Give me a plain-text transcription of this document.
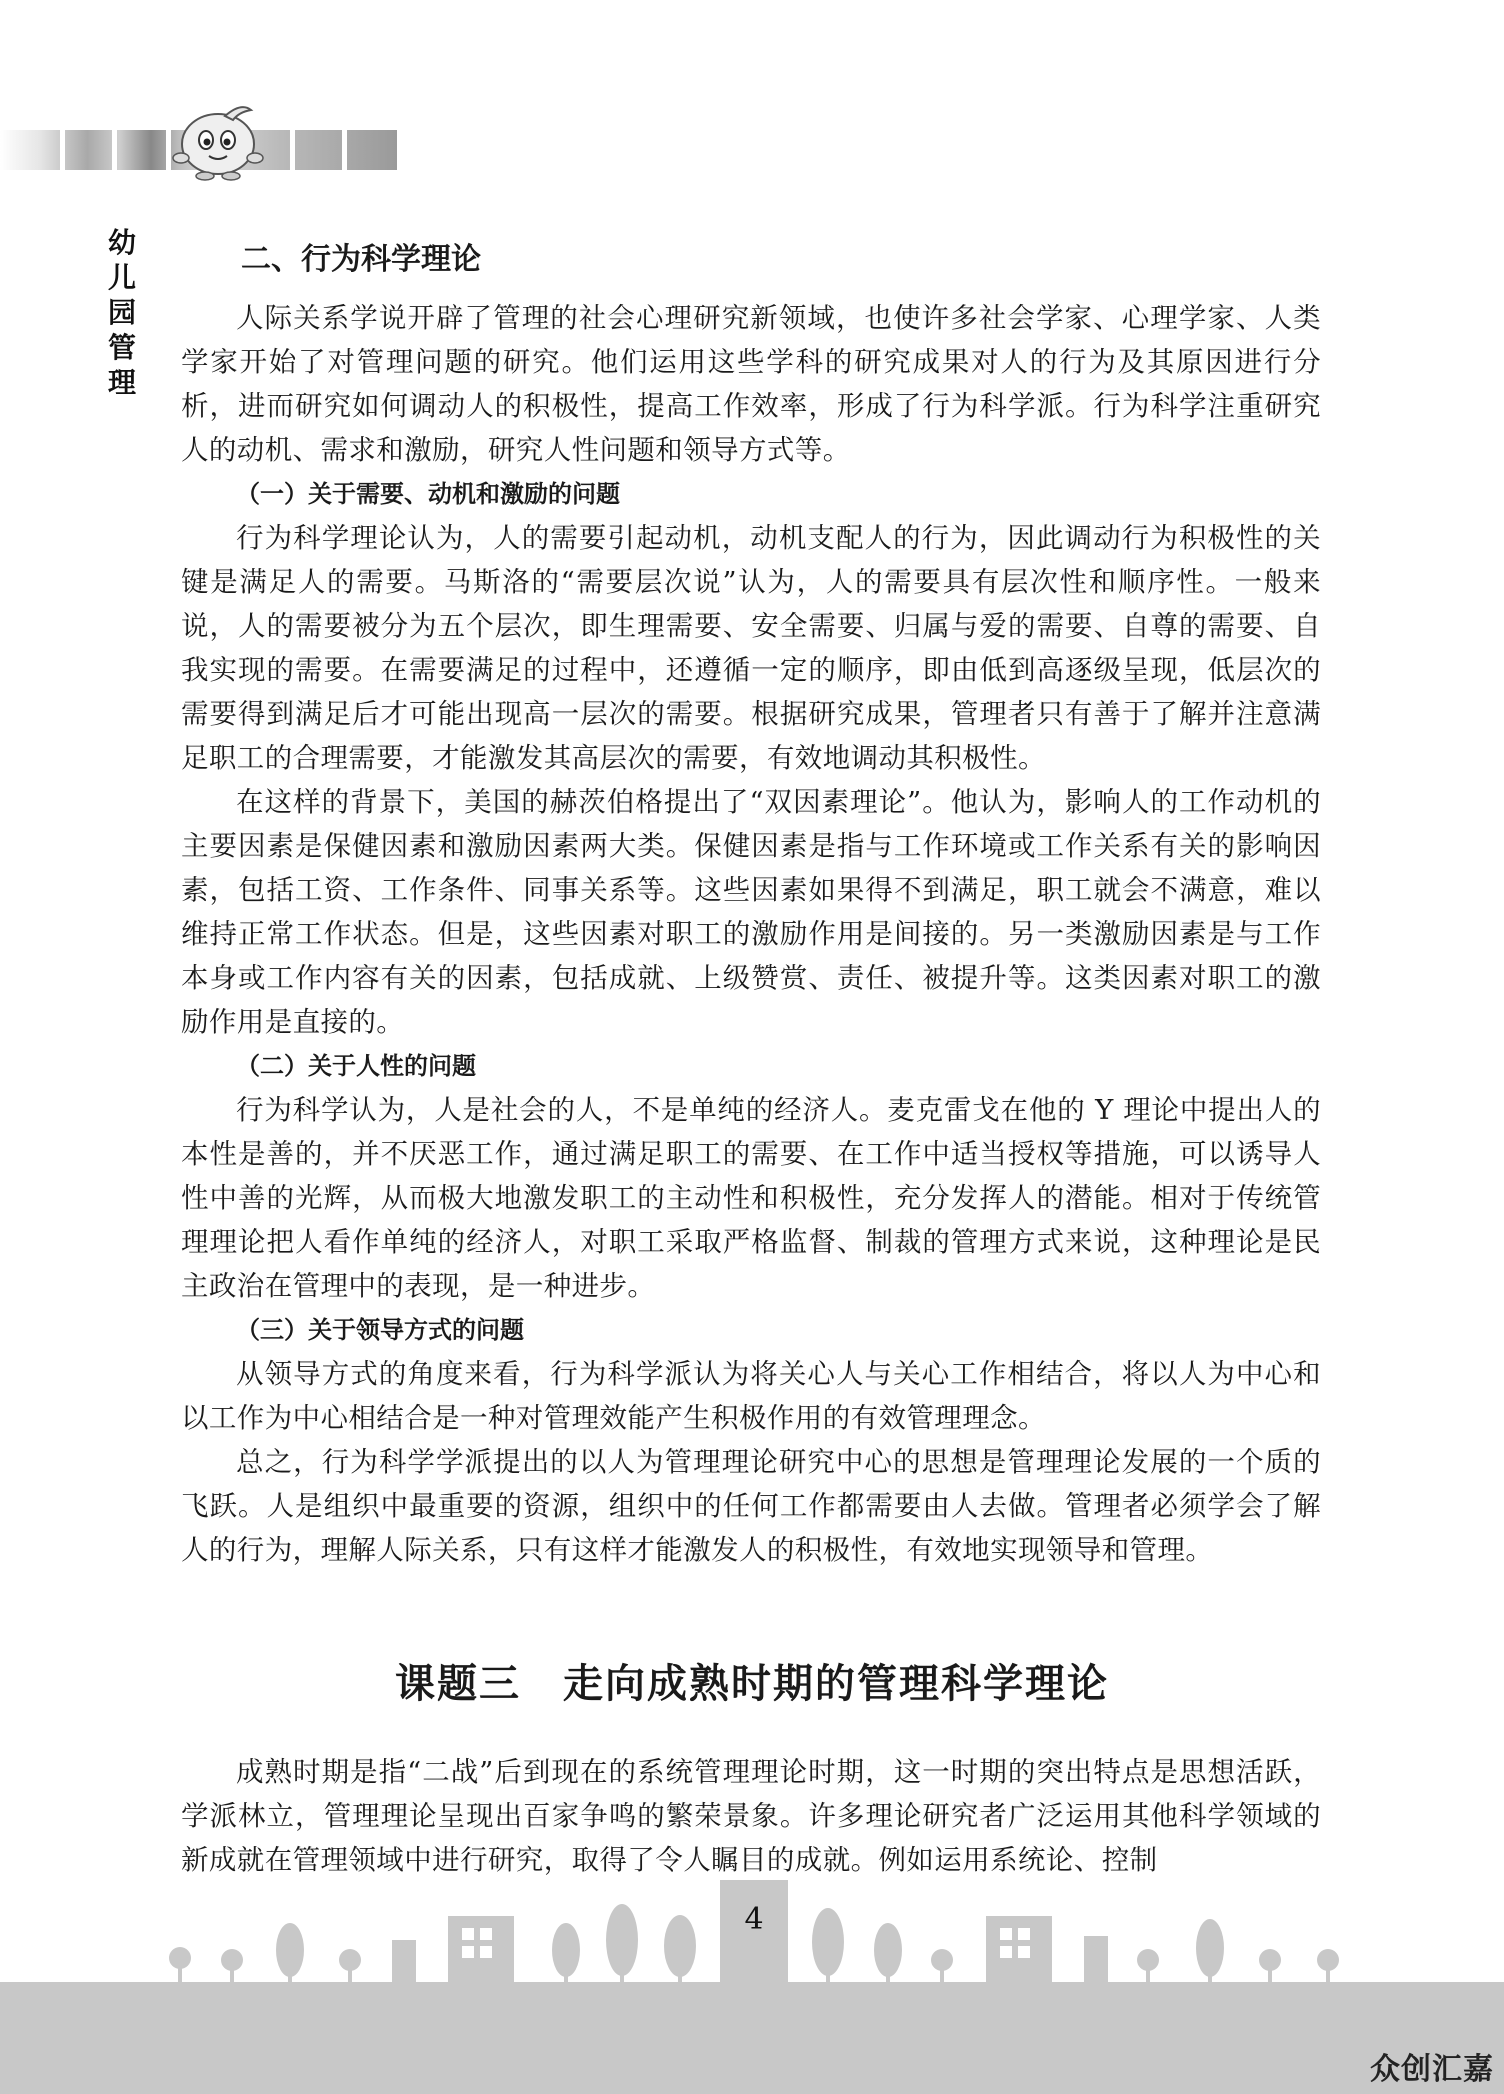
幼
儿
园
管
理
二、行为科学理论

人际关系学说开辟了管理的社会心理研究新领域，也使许多社会学家、心理学家、人类学家开始了对管理问题的研究。他们运用这些学科的研究成果对人的行为及其原因进行分析，进而研究如何调动人的积极性，提高工作效率，形成了行为科学派。行为科学注重研究人的动机、需求和激励，研究人性问题和领导方式等。

（一）关于需要、动机和激励的问题

行为科学理论认为，人的需要引起动机，动机支配人的行为，因此调动行为积极性的关键是满足人的需要。马斯洛的“需要层次说”认为，人的需要具有层次性和顺序性。一般来说，人的需要被分为五个层次，即生理需要、安全需要、归属与爱的需要、自尊的需要、自我实现的需要。在需要满足的过程中，还遵循一定的顺序，即由低到高逐级呈现，低层次的需要得到满足后才可能出现高一层次的需要。根据研究成果，管理者只有善于了解并注意满足职工的合理需要，才能激发其高层次的需要，有效地调动其积极性。

在这样的背景下，美国的赫茨伯格提出了“双因素理论”。他认为，影响人的工作动机的主要因素是保健因素和激励因素两大类。保健因素是指与工作环境或工作关系有关的影响因素，包括工资、工作条件、同事关系等。这些因素如果得不到满足，职工就会不满意，难以维持正常工作状态。但是，这些因素对职工的激励作用是间接的。另一类激励因素是与工作本身或工作内容有关的因素，包括成就、上级赞赏、责任、被提升等。这类因素对职工的激励作用是直接的。

（二）关于人性的问题

行为科学认为，人是社会的人，不是单纯的经济人。麦克雷戈在他的 Y 理论中提出人的本性是善的，并不厌恶工作，通过满足职工的需要、在工作中适当授权等措施，可以诱导人性中善的光辉，从而极大地激发职工的主动性和积极性，充分发挥人的潜能。相对于传统管理理论把人看作单纯的经济人，对职工采取严格监督、制裁的管理方式来说，这种理论是民主政治在管理中的表现，是一种进步。

（三）关于领导方式的问题

从领导方式的角度来看，行为科学派认为将关心人与关心工作相结合，将以人为中心和以工作为中心相结合是一种对管理效能产生积极作用的有效管理理念。

总之，行为科学学派提出的以人为管理理论研究中心的思想是管理理论发展的一个质的飞跃。人是组织中最重要的资源，组织中的任何工作都需要由人去做。管理者必须学会了解人的行为，理解人际关系，只有这样才能激发人的积极性，有效地实现领导和管理。

课题三　走向成熟时期的管理科学理论

成熟时期是指“二战”后到现在的系统管理理论时期，这一时期的突出特点是思想活跃，学派林立，管理理论呈现出百家争鸣的繁荣景象。许多理论研究者广泛运用其他科学领域的新成就在管理领域中进行研究，取得了令人瞩目的成就。例如运用系统论、控制

4
众创汇嘉
